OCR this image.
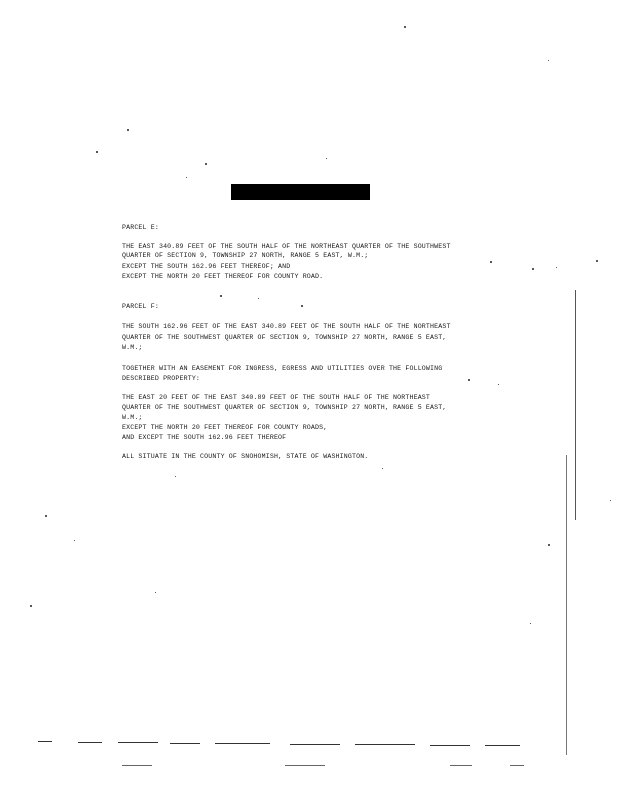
PARCEL E:
THE EAST 340.89 FEET OF THE SOUTH HALF OF THE NORTHEAST QUARTER OF THE SOUTHWEST
QUARTER OF SECTION 9, TOWNSHIP 27 NORTH, RANGE 5 EAST, W.M.;
EXCEPT THE SOUTH 162.96 FEET THEREOF; AND
EXCEPT THE NORTH 20 FEET THEREOF FOR COUNTY ROAD.
PARCEL F:
THE SOUTH 162.96 FEET OF THE EAST 340.89 FEET OF THE SOUTH HALF OF THE NORTHEAST
QUARTER OF THE SOUTHWEST QUARTER OF SECTION 9, TOWNSHIP 27 NORTH, RANGE 5 EAST,
W.M.;
TOGETHER WITH AN EASEMENT FOR INGRESS, EGRESS AND UTILITIES OVER THE FOLLOWING
DESCRIBED PROPERTY:
THE EAST 20 FEET OF THE EAST 340.89 FEET OF THE SOUTH HALF OF THE NORTHEAST
QUARTER OF THE SOUTHWEST QUARTER OF SECTION 9, TOWNSHIP 27 NORTH, RANGE 5 EAST,
W.M.;
EXCEPT THE NORTH 20 FEET THEREOF FOR COUNTY ROADS,
AND EXCEPT THE SOUTH 162.96 FEET THEREOF
ALL SITUATE IN THE COUNTY OF SNOHOMISH, STATE OF WASHINGTON.
